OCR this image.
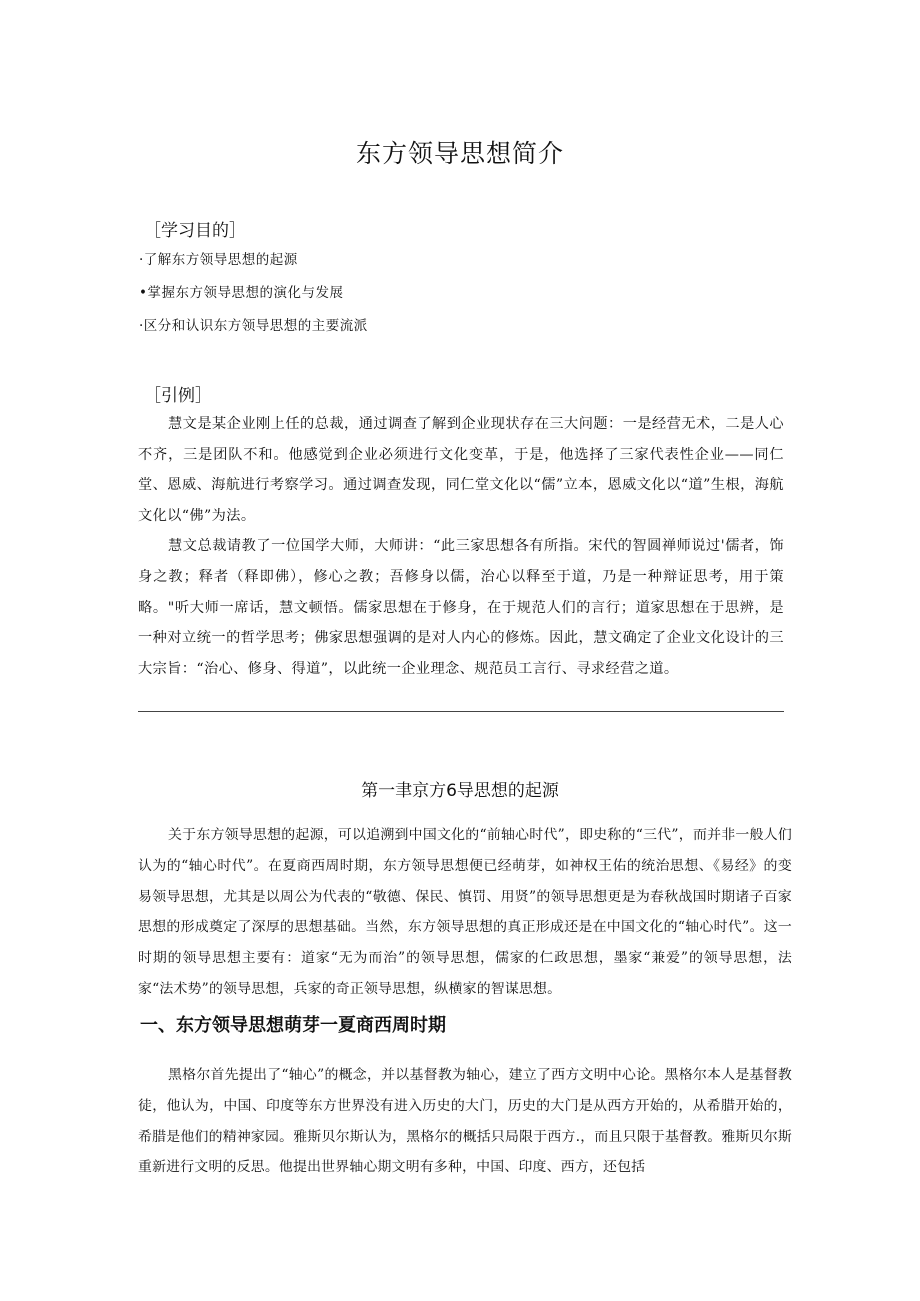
东方领导思想简介
［学习目的］

·了解东方领导思想的起源

•掌握东方领导思想的演化与发展

·区分和认识东方领导思想的主要流派

［引例］

慧文是某企业刚上任的总裁，通过调查了解到企业现状存在三大问题：一是经营无术，二是人心不齐，三是团队不和。他感觉到企业必须进行文化变革，于是，他选择了三家代表性企业——同仁堂、恩威、海航进行考察学习。通过调查发现，同仁堂文化以“儒”立本，恩威文化以“道”生根，海航文化以“佛”为法。

慧文总裁请教了一位国学大师，大师讲：“此三家思想各有所指。宋代的智圆禅师说过'儒者，饰身之教；释者（释即佛），修心之教；吾修身以儒，治心以释至于道，乃是一种辩证思考，用于策略。"听大师一席话，慧文顿悟。儒家思想在于修身，在于规范人们的言行；道家思想在于思辨，是一种对立统一的哲学思考；佛家思想强调的是对人内心的修炼。因此，慧文确定了企业文化设计的三大宗旨：“治心、修身、得道”，以此统一企业理念、规范员工言行、寻求经营之道。

第一聿京方6导思想的起源

关于东方领导思想的起源，可以追溯到中国文化的“前轴心时代”，即史称的“三代”，而并非一般人们认为的“轴心时代”。在夏商西周时期，东方领导思想便已经萌芽，如神权王佑的统治思想、《易经》的变易领导思想，尤其是以周公为代表的“敬德、保民、慎罚、用贤”的领导思想更是为春秋战国时期诸子百家思想的形成奠定了深厚的思想基础。当然，东方领导思想的真正形成还是在中国文化的“轴心时代”。这一时期的领导思想主要有：道家“无为而治”的领导思想，儒家的仁政思想，墨家“兼爱”的领导思想，法家“法术势”的领导思想，兵家的奇正领导思想，纵横家的智谋思想。

一、东方领导思想萌芽一夏商西周时期

黑格尔首先提出了“轴心”的概念，并以基督教为轴心，建立了西方文明中心论。黑格尔本人是基督教徒，他认为，中国、印度等东方世界没有进入历史的大门，历史的大门是从西方开始的，从希腊开始的，希腊是他们的精神家园。雅斯贝尔斯认为，黑格尔的概括只局限于西方.，而且只限于基督教。雅斯贝尔斯重新进行文明的反思。他提出世界轴心期文明有多种，中国、印度、西方，还包括
